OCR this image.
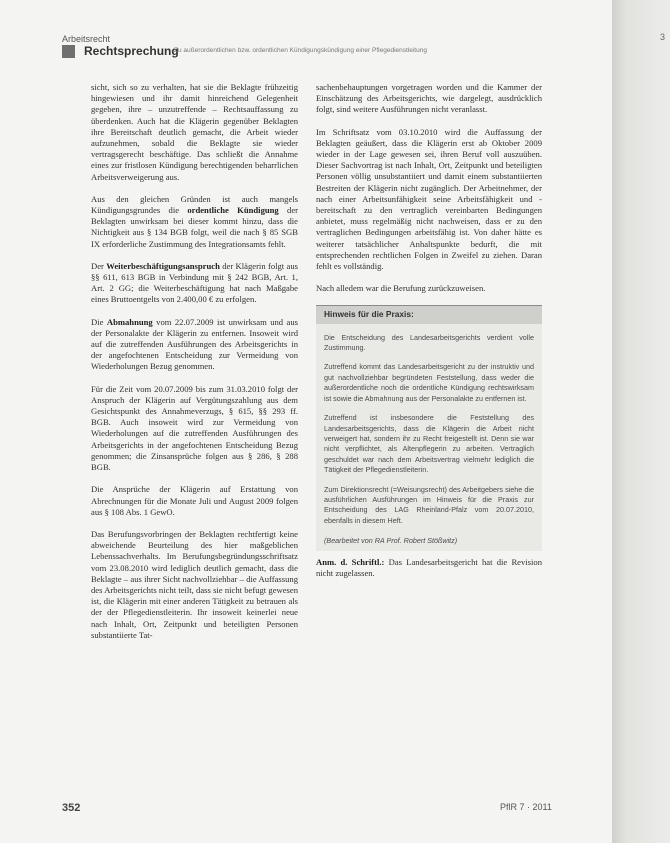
Arbeitsrecht
Rechtsprechung
Zu außerordentlichen bzw. ordentlichen Kündigungskündigung einer Pflegedienstleitung

sicht, sich so zu verhalten, hat sie die Beklagte frühzeitig hingewiesen und ihr damit hinreichend Gelegenheit gegeben, ihre – unzutreffende – Rechtsauffassung zu überdenken. Auch hat die Klägerin gegenüber Beklagten ihre Bereitschaft deutlich gemacht, die Arbeit wieder aufzunehmen, sobald die Beklagte sie wieder vertragsgerecht beschäftige. Das schließt die Annahme eines zur fristlosen Kündigung berechtigenden beharrlichen Arbeitsverweigerung aus.

Aus den gleichen Gründen ist auch mangels Kündigungsgrundes die ordentliche Kündigung der Beklagten unwirksam bei dieser kommt hinzu, dass die Nichtigkeit aus § 134 BGB folgt, weil die nach § 85 SGB IX erforderliche Zustimmung des Integrationsamts fehlt.

Der Weiterbeschäftigungsanspruch der Klägerin folgt aus §§ 611, 613 BGB in Verbindung mit § 242 BGB, Art. 1, Art. 2 GG; die Weiterbeschäftigung hat nach Maßgabe eines Bruttoentgelts von 2.400,00 € zu erfolgen.

Die Abmahnung vom 22.07.2009 ist unwirksam und aus der Personalakte der Klägerin zu entfernen. Insoweit wird auf die zutreffenden Ausführungen des Arbeitsgerichts in der angefochtenen Entscheidung zur Vermeidung von Wiederholungen Bezug genommen.

Für die Zeit vom 20.07.2009 bis zum 31.03.2010 folgt der Anspruch der Klägerin auf Vergütungszahlung aus dem Gesichtspunkt des Annahmeverzugs, § 615, §§ 293 ff. BGB. Auch insoweit wird zur Vermeidung von Wiederholungen auf die zutreffenden Ausführungen des Arbeitsgerichts in der angefochtenen Entscheidung Bezug genommen; die Zinsansprüche folgen aus § 286, § 288 BGB.

Die Ansprüche der Klägerin auf Erstattung von Abrechnungen für die Monate Juli und August 2009 folgen aus § 108 Abs. 1 GewO.

Das Berufungsvorbringen der Beklagten rechtfertigt keine abweichende Beurteilung des hier maßgeblichen Lebenssachverhalts. Im Berufungsbegründungsschriftsatz vom 23.08.2010 wird lediglich deutlich gemacht, dass die Beklagte – aus ihrer Sicht nachvollziehbar – die Auffassung des Arbeitsgerichts nicht teilt, dass sie nicht befugt gewesen ist, die Klägerin mit einer anderen Tätigkeit zu betrauen als der der Pflegedienstleiterin. Ihr insoweit keinerlei neue nach Inhalt, Ort, Zeitpunkt und beteiligten Personen substantiierte Tat-

sachenbehauptungen vorgetragen worden und die Kammer der Einschätzung des Arbeitsgerichts, wie dargelegt, ausdrücklich folgt, sind weitere Ausführungen nicht veranlasst.

Im Schriftsatz vom 03.10.2010 wird die Auffassung der Beklagten geäußert, dass die Klägerin erst ab Oktober 2009 wieder in der Lage gewesen sei, ihren Beruf voll auszuüben. Dieser Sachvortrag ist nach Inhalt, Ort, Zeitpunkt und beteiligten Personen völlig unsubstantiiert und damit einem substantiierten Bestreiten der Klägerin nicht zugänglich. Der Arbeitnehmer, der nach einer Arbeitsunfähigkeit seine Arbeitsfähigkeit und -bereitschaft zu den vertraglich vereinbarten Bedingungen anbietet, muss regelmäßig nicht nachweisen, dass er zu den vertraglichen Bedingungen arbeitsfähig ist. Von daher hätte es weiterer tatsächlicher Anhaltspunkte bedurft, die mit entsprechenden rechtlichen Folgen in Zweifel zu ziehen. Daran fehlt es vollständig.

Nach alledem war die Berufung zurückzuweisen.

Hinweis für die Praxis:

Die Entscheidung des Landesarbeitsgerichts verdient volle Zustimmung.

Zutreffend kommt das Landesarbeitsgericht zu der instruktiv und gut nachvollziehbar begründeten Feststellung, dass weder die außerordentliche noch die ordentliche Kündigung rechtswirksam ist sowie die Abmahnung aus der Personalakte zu entfernen ist.

Zutreffend ist insbesondere die Feststellung des Landesarbeitsgerichts, dass die Klägerin die Arbeit nicht verweigert hat, sondern ihr zu Recht freigestellt ist. Denn sie war nicht verpflichtet, als Altenpflegerin zu arbeiten. Vertraglich geschuldet war nach dem Arbeitsvertrag vielmehr lediglich die Tätigkeit der Pflegedienstleiterin.

Zum Direktionsrecht (=Weisungsrecht) des Arbeitgebers siehe die ausführlichen Ausführungen im Hinweis für die Praxis zur Entscheidung des LAG Rheinland-Pfalz vom 20.07.2010, ebenfalls in diesem Heft.

(Bearbeitet von RA Prof. Robert Stößwitz)

Anm. d. Schriftl.: Das Landesarbeitsgericht hat die Revision nicht zugelassen.

352	PflR 7 · 2011
3
